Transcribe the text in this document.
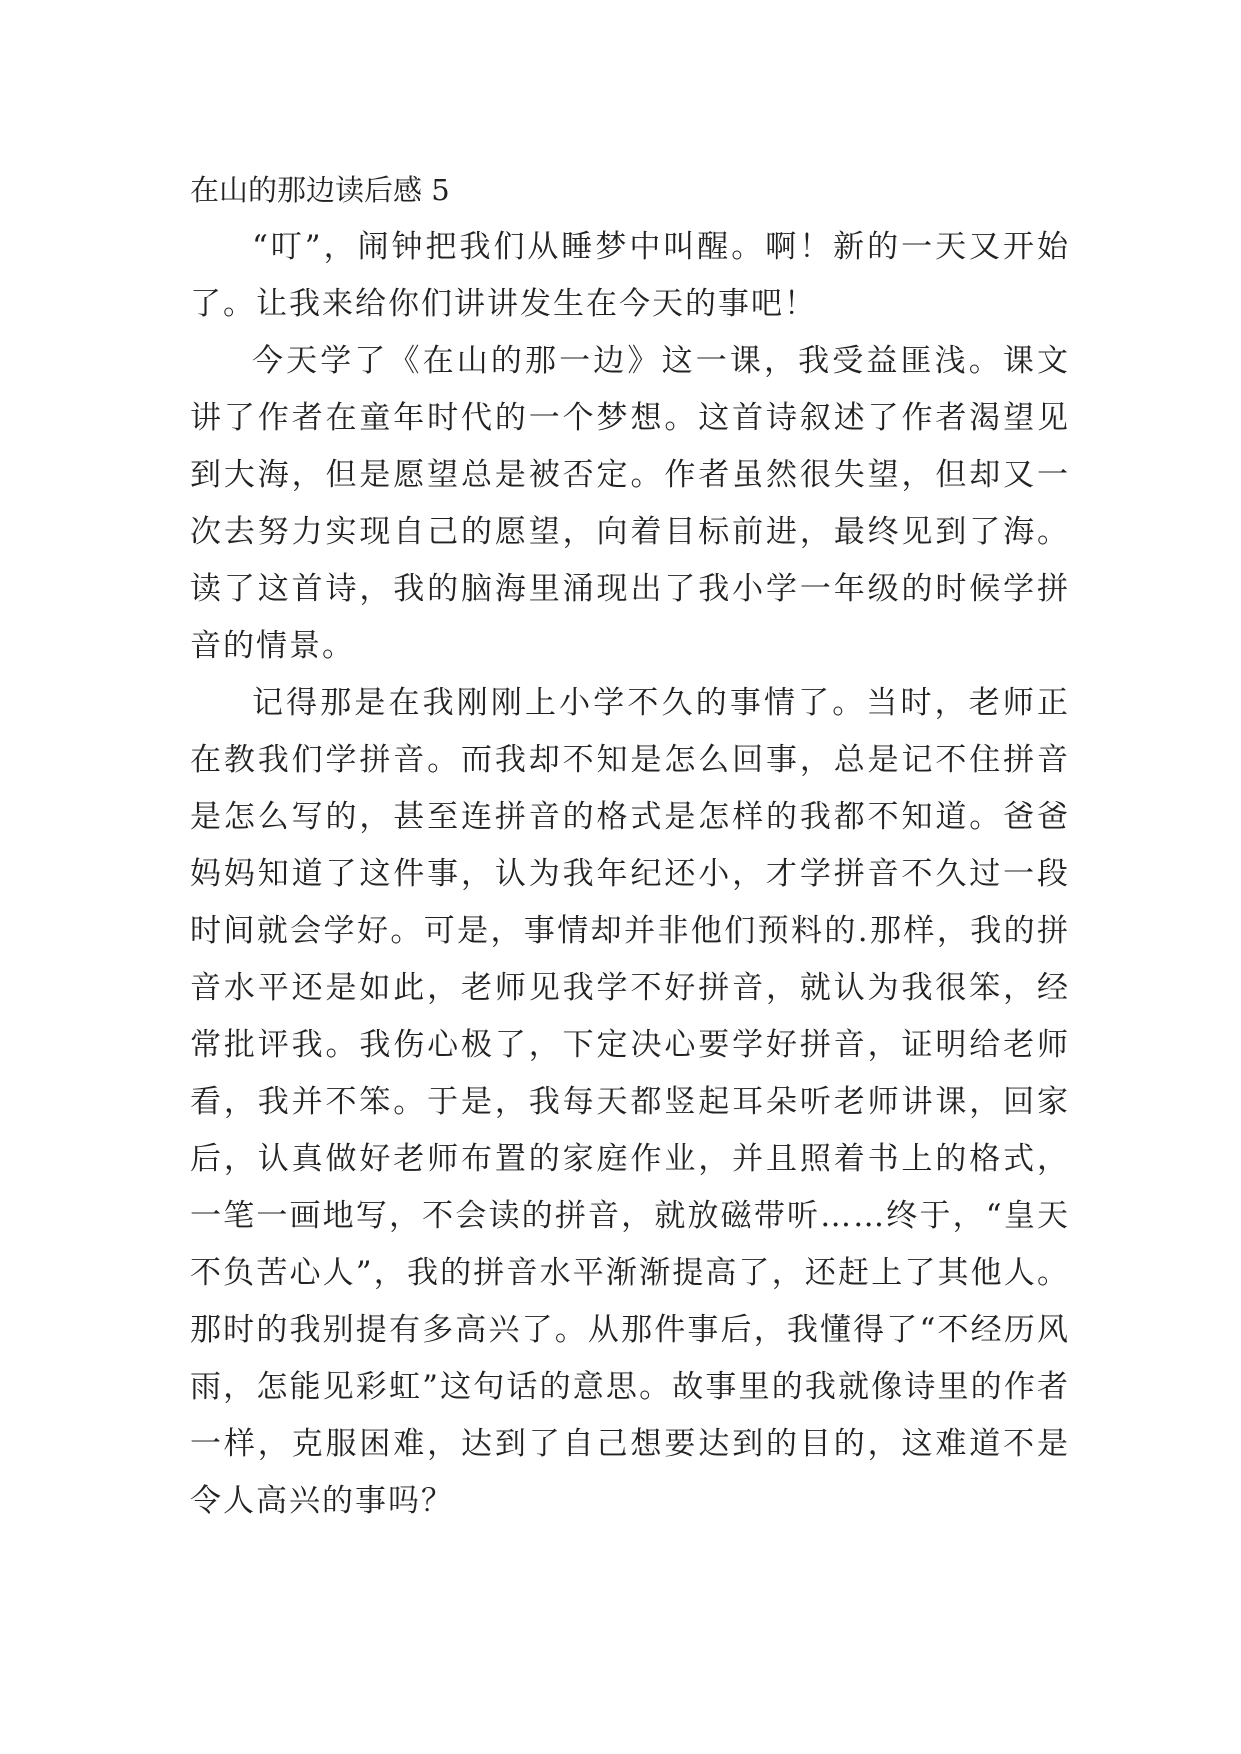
在山的那边读后感 5

“叮”，闹钟把我们从睡梦中叫醒。啊！新的一天又开始了。让我来给你们讲讲发生在今天的事吧！

今天学了《在山的那一边》这一课，我受益匪浅。课文讲了作者在童年时代的一个梦想。这首诗叙述了作者渴望见到大海，但是愿望总是被否定。作者虽然很失望，但却又一次去努力实现自己的愿望，向着目标前进，最终见到了海。读了这首诗，我的脑海里涌现出了我小学一年级的时候学拼音的情景。

记得那是在我刚刚上小学不久的事情了。当时，老师正在教我们学拼音。而我却不知是怎么回事，总是记不住拼音是怎么写的，甚至连拼音的格式是怎样的我都不知道。爸爸妈妈知道了这件事，认为我年纪还小，才学拼音不久过一段时间就会学好。可是，事情却并非他们预料的.那样，我的拼音水平还是如此，老师见我学不好拼音，就认为我很笨，经常批评我。我伤心极了，下定决心要学好拼音，证明给老师看，我并不笨。于是，我每天都竖起耳朵听老师讲课，回家后，认真做好老师布置的家庭作业，并且照着书上的格式，一笔一画地写，不会读的拼音，就放磁带听……终于，“皇天不负苦心人”，我的拼音水平渐渐提高了，还赶上了其他人。那时的我别提有多高兴了。从那件事后，我懂得了“不经历风雨，怎能见彩虹”这句话的意思。故事里的我就像诗里的作者一样，克服困难，达到了自己想要达到的目的，这难道不是令人高兴的事吗？
